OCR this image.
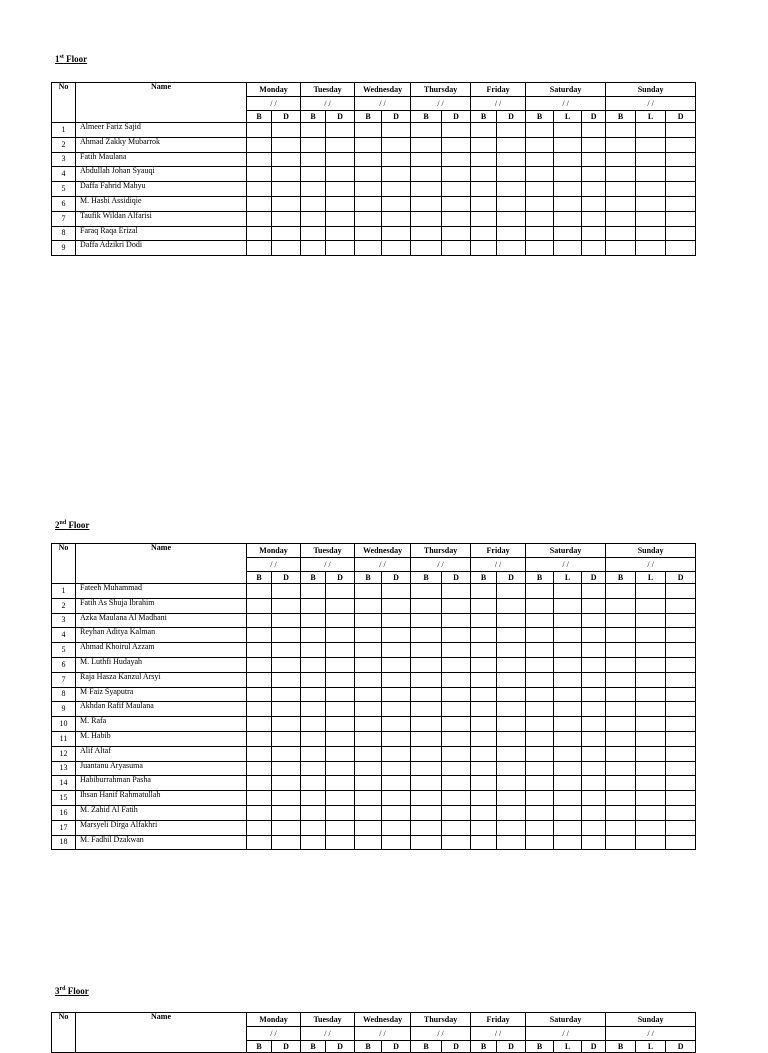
1st Floor
No	Name	Monday		Tuesday		Wednesday		Thursday		Friday		Saturday			Sunday		
		/ /		/ /		/ /		/ /		/ /		/ /			/ /		
		B	D	B	D	B	D	B	D	B	D	B	L	D	B	L	D
1	Almeer Fariz Sajid																
2	Ahmad Zakky Mubarrok																
3	Fatih Maulana																
4	Abdullah Johan Syauqi																
5	Daffa Fahrid Mahyu																
6	M. Hasbi Assidiqie																
7	Taufik Wildan Alfarisi																
8	Faraq Raqa Erizal																
9	Daffa Adzikri Dodi																
2nd Floor
No	Name	Monday		Tuesday		Wednesday		Thursday		Friday		Saturday			Sunday		
		/ /		/ /		/ /		/ /		/ /		/ /			/ /		
		B	D	B	D	B	D	B	D	B	D	B	L	D	B	L	D
1	Fateeh Muhammad																
2	Fatih As Shuja Ibrahim																
3	Azka Maulana Al Madhani																
4	Reyhan Aditya Kalman																
5	Ahmad Khoirul Azzam																
6	M. Luthfi Hudayah																
7	Raja Hasza Kanzul Arsyi																
8	M Faiz Syaputra																
9	Akhdan Rafif Maulana																
10	M. Rafa																
11	M. Habib																
12	Alif Altaf																
13	Juantanu Aryasuma																
14	Habiburrahman Pasha																
15	Ihsan Hanif Rahmatullah																
16	M. Zahid Al Fatih																
17	Marsyeli Dirga Alfakhri																
18	M. Fadhil Dzakwan																
3rd Floor
No	Name	Monday		Tuesday		Wednesday		Thursday		Friday		Saturday			Sunday		
		/ /		/ /		/ /		/ /		/ /		/ /			/ /		
		B	D	B	D	B	D	B	D	B	D	B	L	D	B	L	D
